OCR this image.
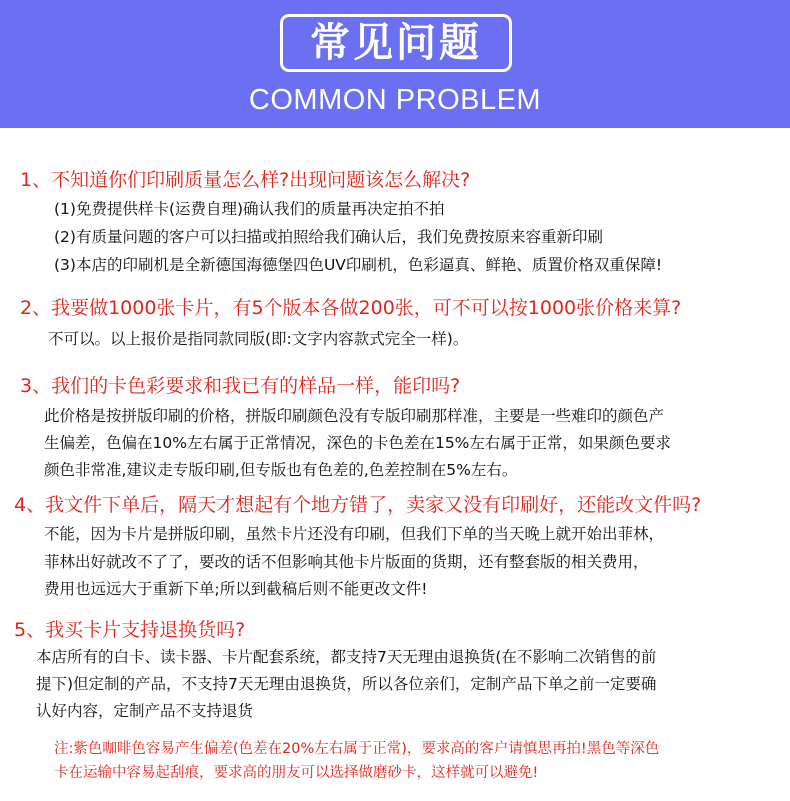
常见问题
COMMON PROBLEM
1、不知道你们印刷质量怎么样?出现问题该怎么解决?
(1)免费提供样卡(运费自理)确认我们的质量再决定拍不拍
(2)有质量问题的客户可以扫描或拍照给我们确认后，我们免费按原来容重新印刷
(3)本店的印刷机是全新德国海德堡四色UV印刷机，色彩逼真、鲜艳、质置价格双重保障!
2、我要做1000张卡片，有5个版本各做200张，可不可以按1000张价格来算?
不可以。以上报价是指同款同版(即:文字内容款式完全一样)。
3、我们的卡色彩要求和我已有的样品一样，能印吗?
此价格是按拼版印刷的价格，拼版印刷颜色没有专版印刷那样准，主要是一些难印的颜色产
生偏差，色偏在10%左右属于正常情况，深色的卡色差在15%左右属于正常，如果颜色要求
颜色非常准,建议走专版印刷,但专版也有色差的,色差控制在5%左右。
4、我文件下单后，隔天才想起有个地方错了，卖家又没有印刷好，还能改文件吗?
不能，因为卡片是拼版印刷，虽然卡片还没有印刷，但我们下单的当天晚上就开始出菲林，
菲林出好就改不了了，要改的话不但影响其他卡片版面的货期，还有整套版的相关费用，
费用也远远大于重新下单;所以到截稿后则不能更改文件!
5、我买卡片支持退换货吗?
本店所有的白卡、读卡器、卡片配套系统，都支持7天无理由退换货(在不影响二次销售的前
提下)但定制的产品，不支持7天无理由退换货，所以各位亲们，定制产品下单之前一定要确
认好内容，定制产品不支持退货
注:紫色咖啡色容易产生偏差(色差在20%左右属于正常)，要求高的客户请慎思再拍!黑色等深色
卡在运输中容易起刮痕，要求高的朋友可以选择做磨砂卡，这样就可以避免!
